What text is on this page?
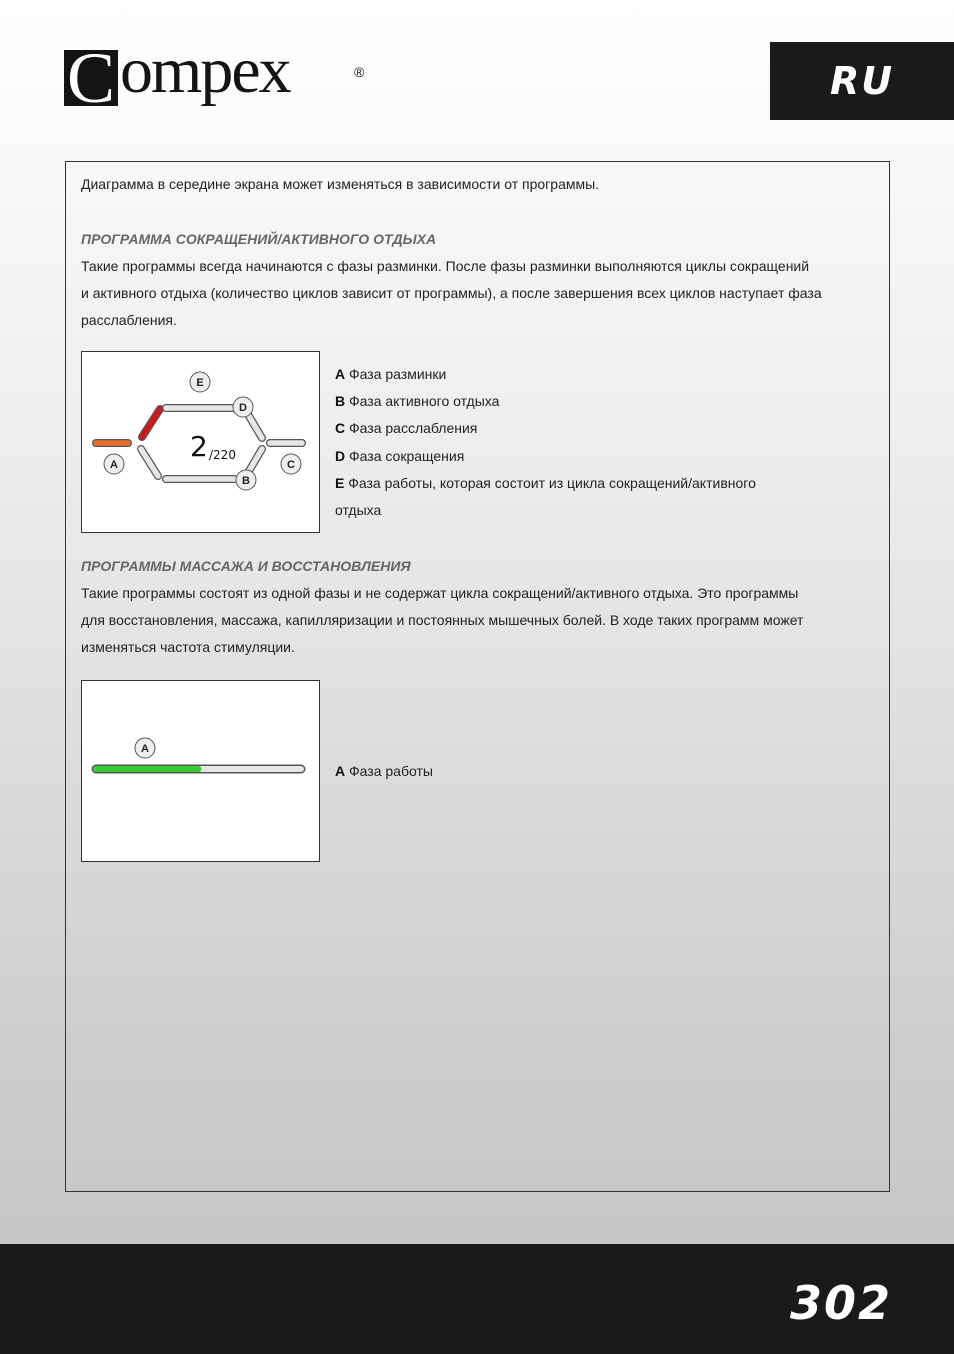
C ompex	®	RU
Диаграмма в середине экрана может изменяться в зависимости от программы.
ПРОГРАММА СОКРАЩЕНИЙ/АКТИВНОГО ОТДЫХА
Такие программы всегда начинаются с фазы разминки. После фазы разминки выполняются циклы сокращений
и активного отдыха (количество циклов зависит от программы), а после завершения всех циклов наступает фаза
расслабления.
2 /220
E
D
A	C
B
A Фаза разминки
B Фаза активного отдыха
C Фаза расслабления
D Фаза сокращения
E Фаза работы, которая состоит из цикла сокращений/активного
отдыха
ПРОГРАММЫ МАССАЖА И ВОССТАНОВЛЕНИЯ
Такие программы состоят из одной фазы и не содержат цикла сокращений/активного отдыха. Это программы
для восстановления, массажа, капилляризации и постоянных мышечных болей. В ходе таких программ может
изменяться частота стимуляции.
A
A Фаза работы
302
